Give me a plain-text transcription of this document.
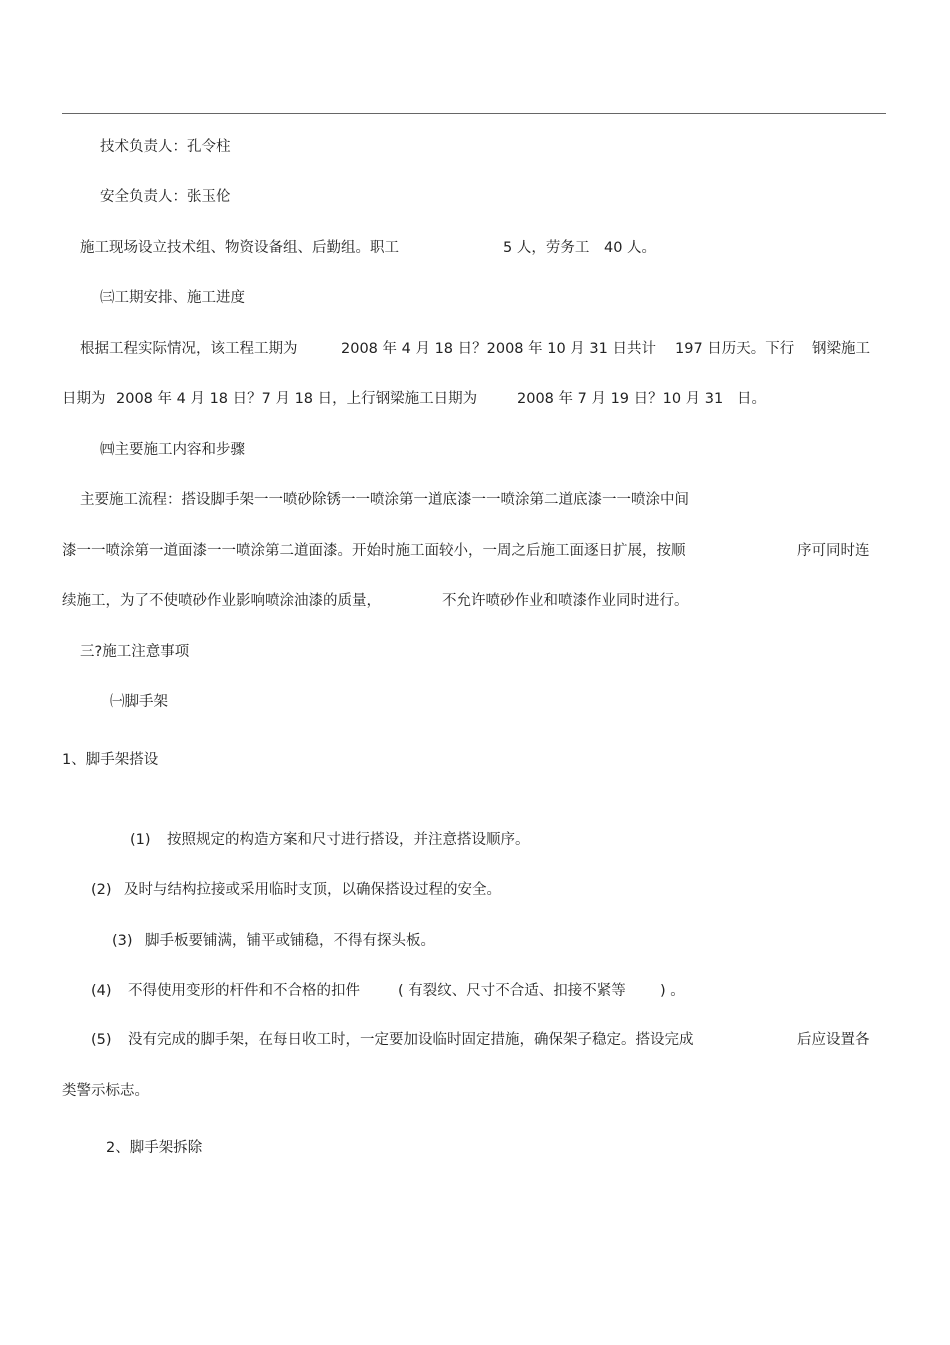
技术负责人：孔令柱
安全负责人：张玉伦
施工现场设立技术组、物资设备组、后勤组。职工	5 人，劳务工 40 人。
㈢工期安排、施工进度
根据工程实际情况，该工程工期为	2008 年 4 月 18 日？2008 年 10 月 31 日共计 197 日历天。下行 钢梁施工
日期为 2008 年 4 月 18 日？7 月 18 日，上行钢梁施工日期为	2008 年 7 月 19 日？10 月 31 日。
㈣主要施工内容和步骤
主要施工流程：搭设脚手架一一喷砂除锈一一喷涂第一道底漆一一喷涂第二道底漆一一喷涂中间
漆一一喷涂第一道面漆一一喷涂第二道面漆。开始时施工面较小，一周之后施工面逐日扩展，按顺	序可同时连
续施工，为了不使喷砂作业影响喷涂油漆的质量，	不允许喷砂作业和喷漆作业同时进行。
三?施工注意事项
㈠脚手架
1、脚手架搭设
(1) 按照规定的构造方案和尺寸进行搭设，并注意搭设顺序。
(2) 及时与结构拉接或采用临时支顶，以确保搭设过程的安全。
(3) 脚手板要铺满，铺平或铺稳，不得有探头板。
(4) 不得使用变形的杆件和不合格的扣件	( 有裂纹、尺寸不合适、扣接不紧等 ) 。
(5) 没有完成的脚手架，在每日收工时，一定要加设临时固定措施，确保架子稳定。搭设完成	后应设置各
类警示标志。
2、脚手架拆除
